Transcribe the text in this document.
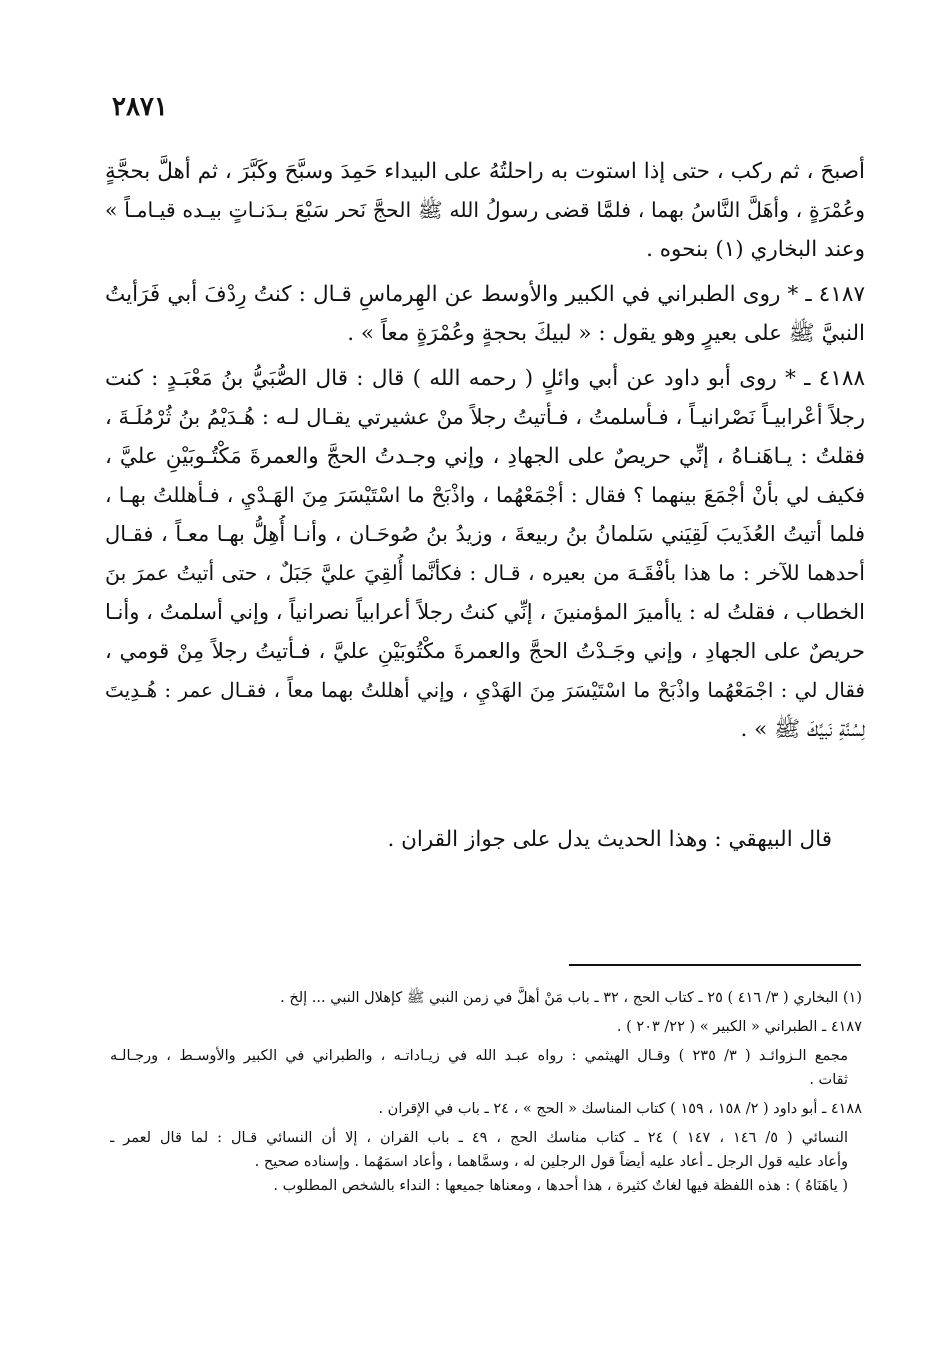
٢٨٧١
أصبحَ ، ثم ركب ، حتى إذا استوت به راحلتُهُ على البيداء حَمِدَ وسبَّحَ وكَبَّرَ ، ثم أهلَّ بحجَّةٍ
وعُمْرَةٍ ، وأهَلَّ النَّاسُ بهما ، فلمَّا قضى رسولُ الله ﷺ الحجَّ نَحر سَبْعَ بـدَنـاتٍ بيـده قيـامـاً »
وعند البخاري (١) بنحوه .
٤١٨٧ ـ * روى الطبراني في الكبير والأوسط عن الهِرماسِ قـال : كنتُ رِدْفَ أبي فَرَأيتُ
النبيَّ ﷺ على بعيرٍ وهو يقول : « لبيكَ بحجةٍ وعُمْرَةٍ معاً » .
٤١٨٨ ـ * روى أبو داود عن أبي وائلٍ ( رحمه الله ) قال : قال الصُّبَيُّ بنُ مَعْبَـدٍ : كنت
رجلاً أعْرابيـاً نَصْرانيـاً ، فـأسلمتُ ، فـأتيتُ رجلاً منْ عشيرتي يقـال لـه : هُـدَيْمُ بنُ ثُرْمُلَـةَ ،
فقلتُ : يـاهَنـاهُ ، إنِّي حريصٌ على الجهادِ ، وإني وجـدتُ الحجَّ والعمرةَ مَكْتُـوبَيْنِ عليَّ ،
فكيف لي بأنْ أجْمَعَ بينهما ؟ فقال : أجْمَعْهُما ، واذْبَحْ ما اسْتَيْسَرَ مِنَ الهَـدْيِ ، فـأهللتُ بهـا ،
فلما أتيتُ العُذَيبَ لَقِيَني سَلمانُ بنُ ربيعةَ ، وزيدُ بنُ صُوحَـان ، وأنـا أُهِلُّ بهـا معـاً ، فقـال
أحدهما للآخر : ما هذا بأفْقَـهَ من بعيره ، قـال : فكأنَّما أُلقِيَ عليَّ جَبَلٌ ، حتى أتيتُ عمرَ بنَ
الخطاب ، فقلتُ له : ياأميرَ المؤمنينَ ، إنِّي كنتُ رجلاً أعرابياً نصرانياً ، وإني أسلمتُ ، وأنـا
حريصٌ على الجهادِ ، وإني وجَـدْتُ الحجَّ والعمرةَ مكْتُوبَيْنِ عليَّ ، فـأتيتُ رجلاً مِنْ قومي ،
فقال لي : اجْمَعْهُما واذْبَحْ ما اسْتَيْسَرَ مِنَ الهَدْيِ ، وإني أهللتُ بهما معاً ، فقـال عمر : هُـدِيتَ
لِسُنَّةِ نَبيِّكَ ﷺ » .
قال البيهقي : وهذا الحديث يدل على جواز القران .
(١) البخاري ( ٣/ ٤١٦ ) ٢٥ ـ كتاب الحج ، ٣٢ ـ باب مَنْ أهلَّ في زمن النبي ﷺ كإهلال النبي ... إلخ .
٤١٨٧ ـ الطبراني « الكبير » ( ٢٢/ ٢٠٣ ) .
مجمع الـزوائـد ( ٣/ ٢٣٥ ) وقـال الهيثمي : رواه عبـد الله في زيـاداتـه ، والطبراني في الكبير والأوسـط ، ورجـالـه
ثقات .
٤١٨٨ ـ أبو داود ( ٢/ ١٥٨ ، ١٥٩ ) كتاب المناسك « الحج » ، ٢٤ ـ باب في الإقران .
النسائي ( ٥/ ١٤٦ ، ١٤٧ ) ٢٤ ـ كتاب مناسك الحج ، ٤٩ ـ باب القران ، إلا أن النسائي قـال : لما قال لعمر ـ
وأعاد عليه قول الرجل ـ أعاد عليه أيضاً قول الرجلين له ، وسمَّاهما ، وأعاد اسمَهُما . وإسناده صحيح .
( ياهَنَاهُ ) : هذه اللفظة فيها لغاتٌ كثيرة ، هذا أحدها ، ومعناها جميعها : النداء بالشخص المطلوب .
